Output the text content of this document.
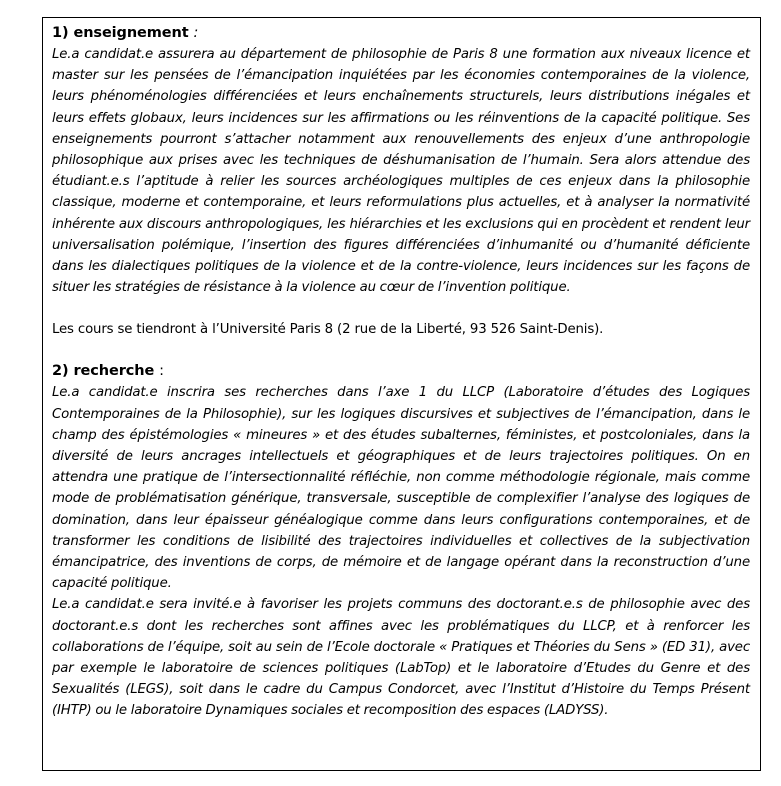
1) enseignement :

Le.a candidat.e assurera au département de philosophie de Paris 8 une formation aux niveaux licence et master sur les pensées de l’émancipation inquiétées par les économies contemporaines de la violence, leurs phénoménologies différenciées et leurs enchaînements structurels, leurs distributions inégales et leurs effets globaux, leurs incidences sur les affirmations ou les réinventions de la capacité politique. Ses enseignements pourront s’attacher notamment aux renouvellements des enjeux d’une anthropologie philosophique aux prises avec les techniques de déshumanisation de l’humain. Sera alors attendue des étudiant.e.s l’aptitude à relier les sources archéologiques multiples de ces enjeux dans la philosophie classique, moderne et contemporaine, et leurs reformulations plus actuelles, et à analyser la normativité inhérente aux discours anthropologiques, les hiérarchies et les exclusions qui en procèdent et rendent leur universalisation polémique, l’insertion des figures différenciées d’inhumanité ou d’humanité déficiente dans les dialectiques politiques de la violence et de la contre-violence, leurs incidences sur les façons de situer les stratégies de résistance à la violence au cœur de l’invention politique.

Les cours se tiendront à l’Université Paris 8 (2 rue de la Liberté, 93 526 Saint-Denis).

2) recherche :

Le.a candidat.e inscrira ses recherches dans l’axe 1 du LLCP (Laboratoire d’études des Logiques Contemporaines de la Philosophie), sur les logiques discursives et subjectives de l’émancipation, dans le champ des épistémologies « mineures » et des études subalternes, féministes, et postcoloniales, dans la diversité de leurs ancrages intellectuels et géographiques et de leurs trajectoires politiques. On en attendra une pratique de l’intersectionnalité réfléchie, non comme méthodologie régionale, mais comme mode de problématisation générique, transversale, susceptible de complexifier l’analyse des logiques de domination, dans leur épaisseur généalogique comme dans leurs configurations contemporaines, et de transformer les conditions de lisibilité des trajectoires individuelles et collectives de la subjectivation émancipatrice, des inventions de corps, de mémoire et de langage opérant dans la reconstruction d’une capacité politique.

Le.a candidat.e sera invité.e à favoriser les projets communs des doctorant.e.s de philosophie avec des doctorant.e.s dont les recherches sont affines avec les problématiques du LLCP, et à renforcer les collaborations de l’équipe, soit au sein de l’Ecole doctorale « Pratiques et Théories du Sens » (ED 31), avec par exemple le laboratoire de sciences politiques (LabTop) et le laboratoire d’Etudes du Genre et des Sexualités (LEGS), soit dans le cadre du Campus Condorcet, avec l’Institut d’Histoire du Temps Présent (IHTP) ou le laboratoire Dynamiques sociales et recomposition des espaces (LADYSS).
